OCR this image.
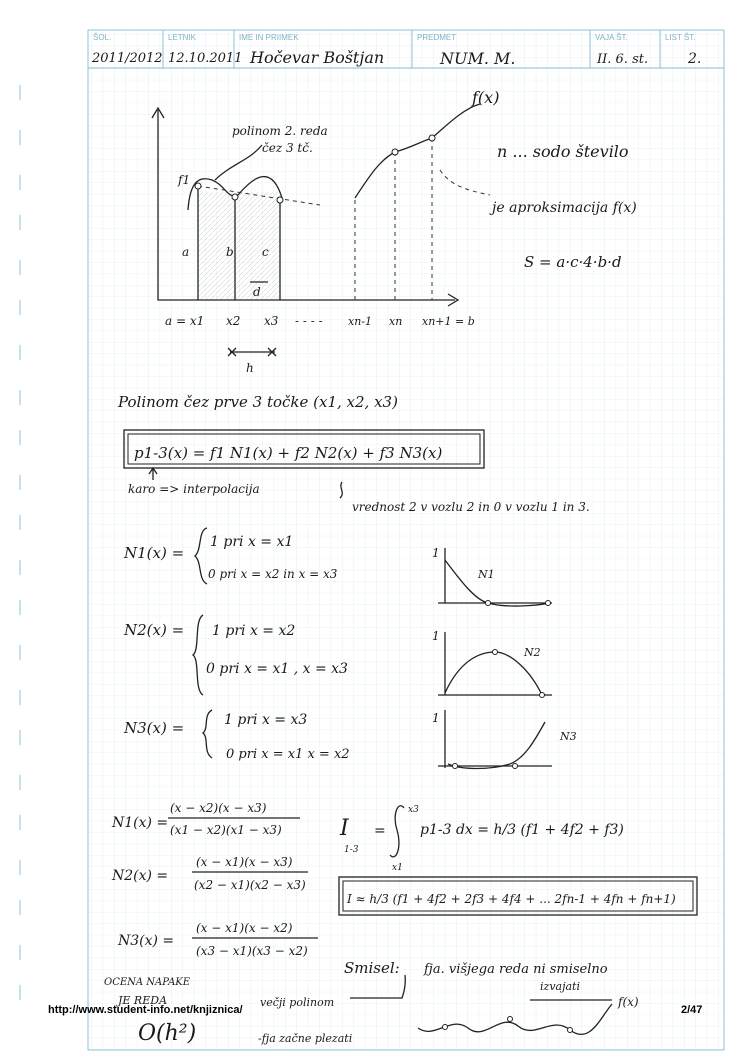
ŠOL.	LETNIK	IME IN PRIIMEK	PREDMET	VAJA ŠT.	LIST ŠT.
2011/2012 12.10.2011 Hočevar Boštjan	NUM. M.	II. 6. st.	2.
f(x)
polinom 2. reda
čez 3 tč.
f1
a	b c
d
a = x1 x2 x3 - - - - xn-1 xn xn+1 = b
h
n ... sodo število
je aproksimacija f(x)
S = a·c·4·b·d
Polinom čez prve 3 točke (x1, x2, x3)
p1-3(x) = f1 N1(x) + f2 N2(x) + f3 N3(x)
karo => interpolacija
vrednost 2 v vozlu 2 in 0 v vozlu 1 in 3.
N1(x) =
1 pri x = x1
0 pri x = x2 in x = x3
1
N1
N2(x) = 1 pri x = x2
0 pri x = x1 , x = x3
1
N2
N3(x) =	1 pri x = x3
0 pri x = x1 x = x2
1
N3
N1(x) =
(x − x2)(x − x3)
(x1 − x2)(x1 − x3)
N2(x) =
(x − x1)(x − x3)
(x2 − x1)(x2 − x3)
N3(x) =
(x − x1)(x − x2)
(x3 − x1)(x3 − x2)
I
1-3
x3
x1
= p1-3 dx = h/3 (f1 + 4f2 + f3)
I ≈ h/3 (f1 + 4f2 + 2f3 + 4f4 + ... 2fn-1 + 4fn + fn+1)
Smisel: fja. višjega reda ni smiselno
izvajati
OCENA NAPAKE
JE REDA
O(h²)
večji polinom
-fja začne plezati
f(x)
http://www.student-info.net/knjiznica/	2/47
